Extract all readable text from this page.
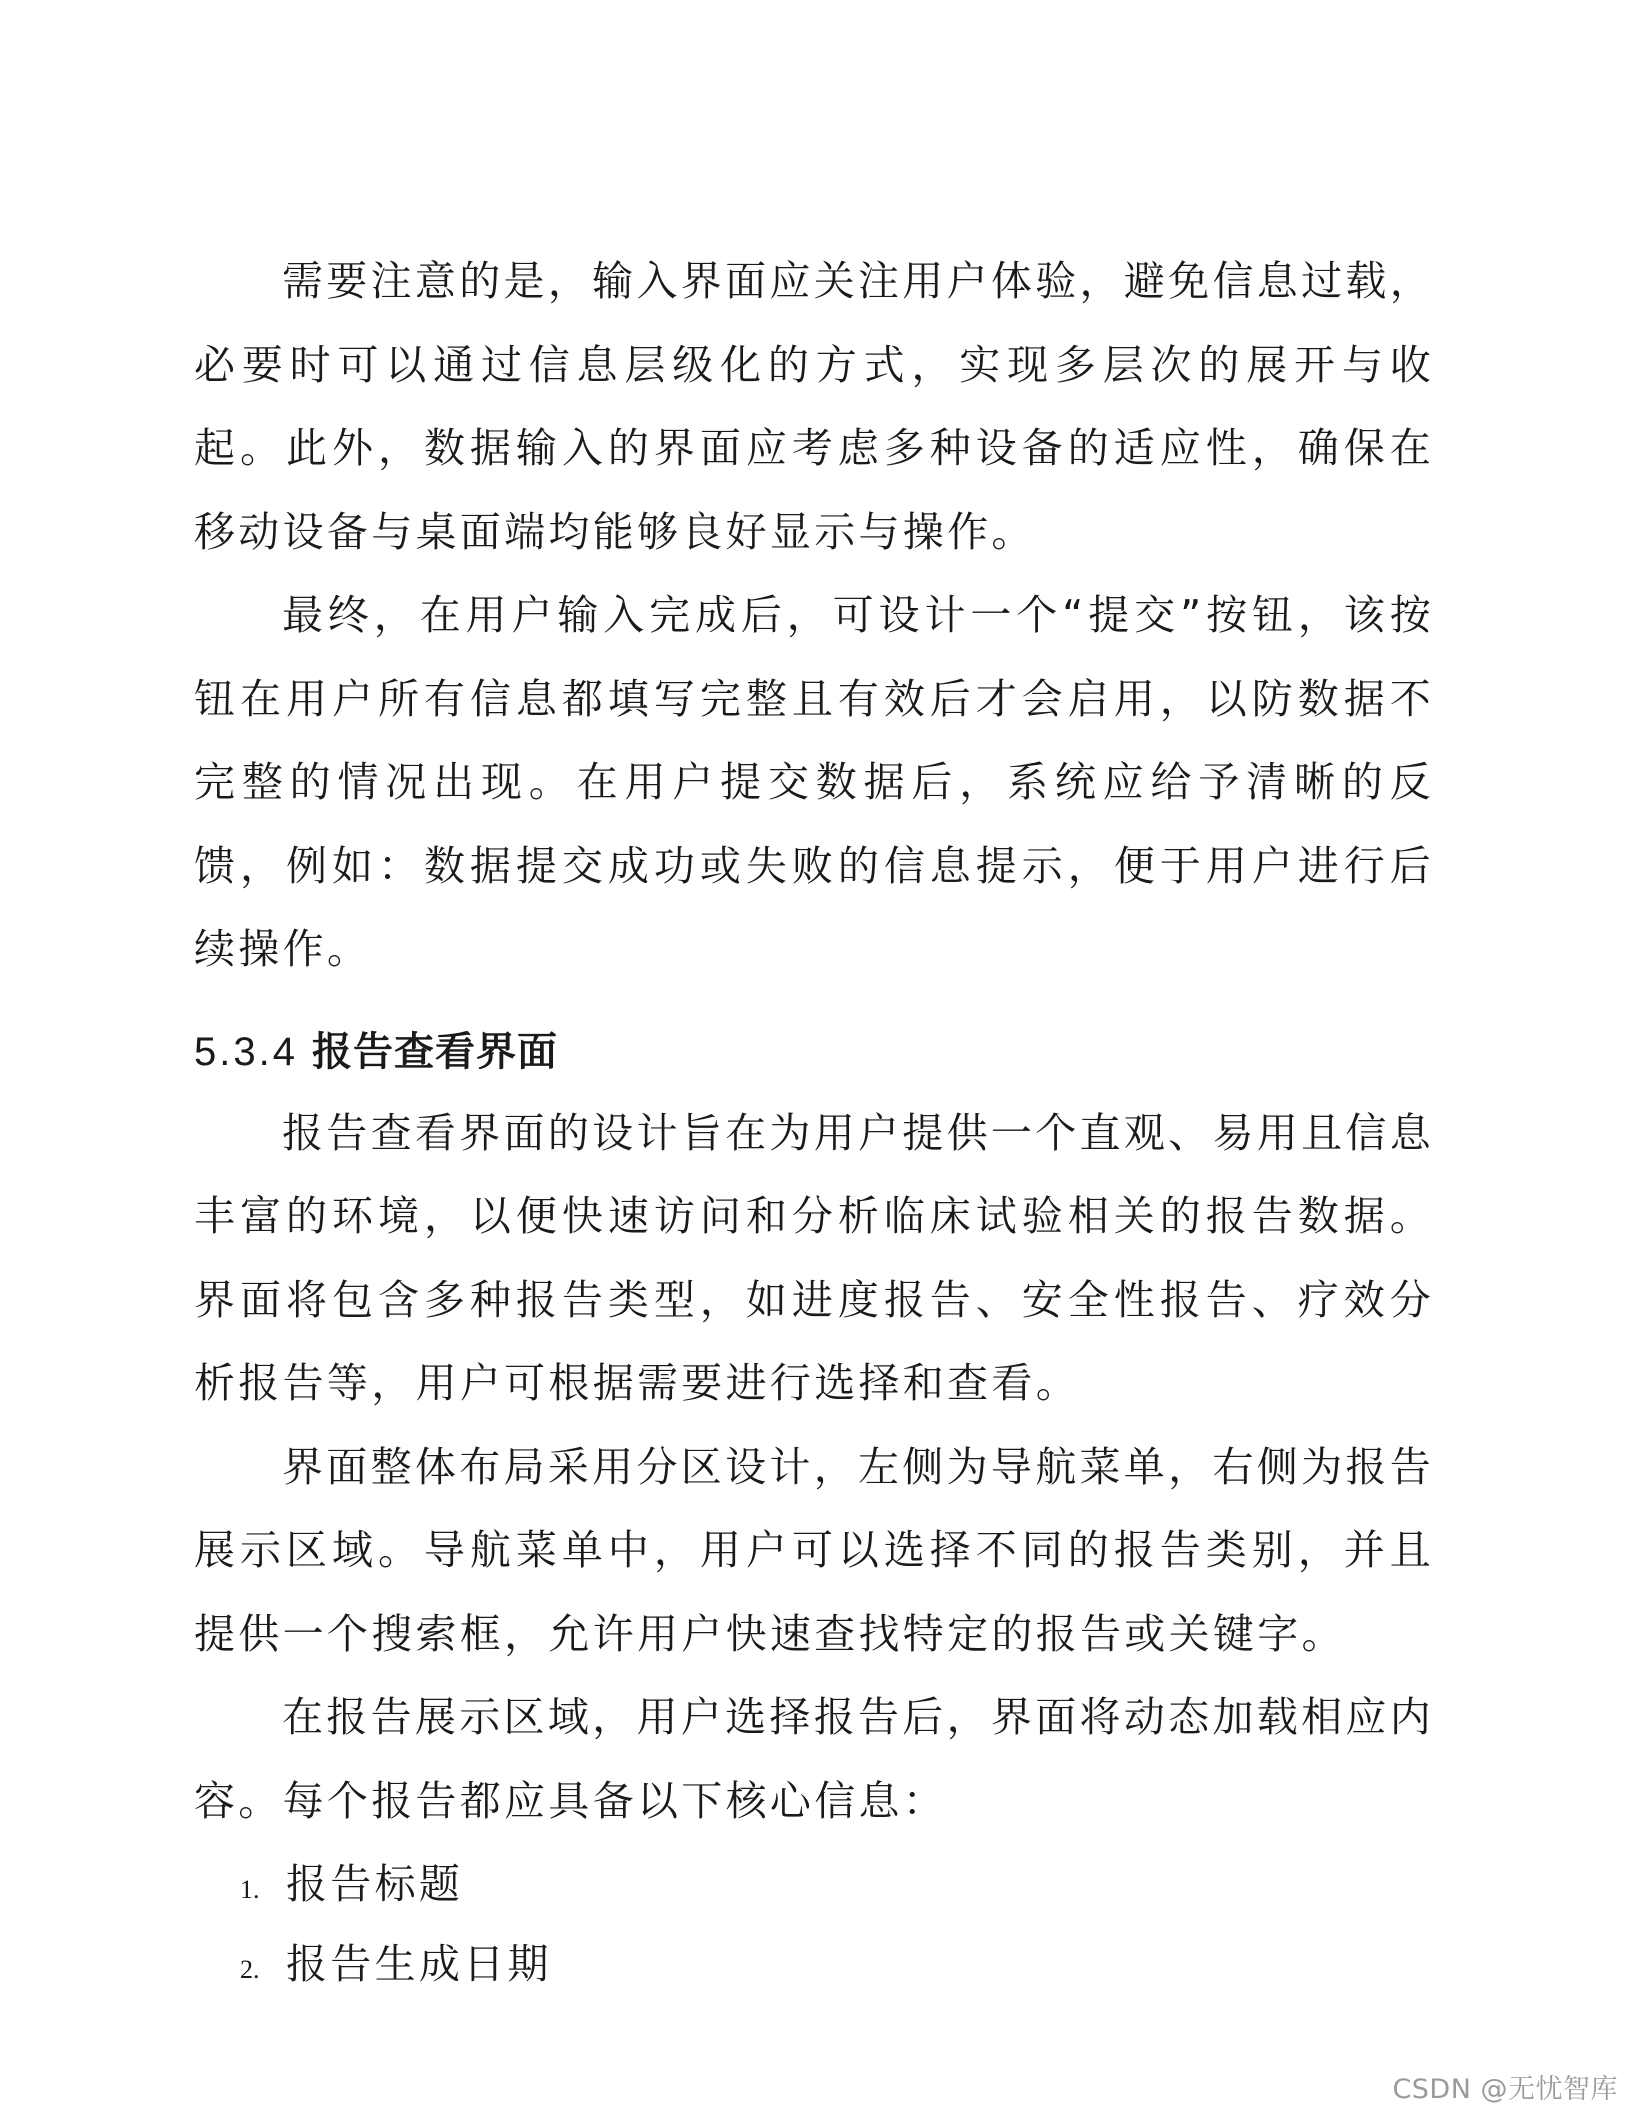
需要注意的是，输入界面应关注用户体验，避免信息过载，必要时可以通过信息层级化的方式，实现多层次的展开与收起。此外，数据输入的界面应考虑多种设备的适应性，确保在移动设备与桌面端均能够良好显示与操作。

最终，在用户输入完成后，可设计一个“提交”按钮，该按钮在用户所有信息都填写完整且有效后才会启用，以防数据不完整的情况出现。在用户提交数据后，系统应给予清晰的反馈，例如：数据提交成功或失败的信息提示，便于用户进行后续操作。

5.3.4 报告查看界面

报告查看界面的设计旨在为用户提供一个直观、易用且信息丰富的环境，以便快速访问和分析临床试验相关的报告数据。界面将包含多种报告类型，如进度报告、安全性报告、疗效分析报告等，用户可根据需要进行选择和查看。

界面整体布局采用分区设计，左侧为导航菜单，右侧为报告展示区域。导航菜单中，用户可以选择不同的报告类别，并且提供一个搜索框，允许用户快速查找特定的报告或关键字。

在报告展示区域，用户选择报告后，界面将动态加载相应内容。每个报告都应具备以下核心信息：

1. 报告标题
2. 报告生成日期
CSDN @无忧智库
